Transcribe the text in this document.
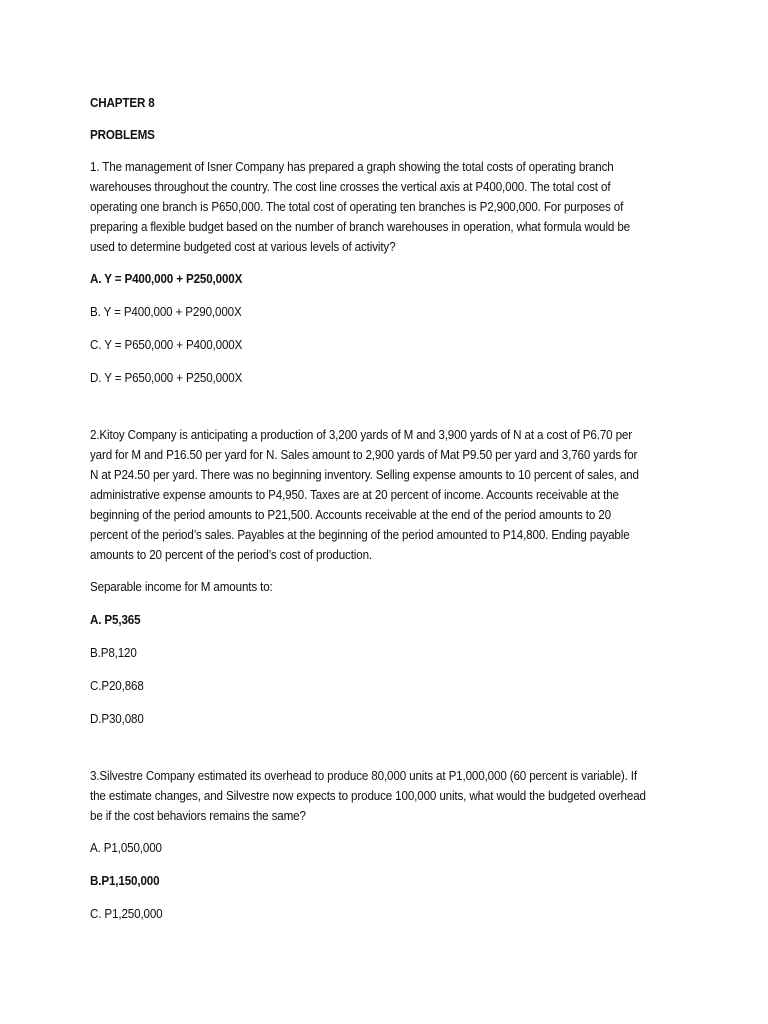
CHAPTER 8

PROBLEMS

1. The management of Isner Company has prepared a graph showing the total costs of operating branch warehouses throughout the country. The cost line crosses the vertical axis at P400,000. The total cost of operating one branch is P650,000. The total cost of operating ten branches is P2,900,000. For purposes of preparing a flexible budget based on the number of branch warehouses in operation, what formula would be used to determine budgeted cost at various levels of activity?

A. Y = P400,000 + P250,000X

B. Y = P400,000 + P290,000X

C. Y = P650,000 + P400,000X

D. Y = P650,000 + P250,000X

2.Kitoy Company is anticipating a production of 3,200 yards of M and 3,900 yards of N at a cost of P6.70 per yard for M and P16.50 per yard for N. Sales amount to 2,900 yards of Mat P9.50 per yard and 3,760 yards for N at P24.50 per yard. There was no beginning inventory. Selling expense amounts to 10 percent of sales, and administrative expense amounts to P4,950. Taxes are at 20 percent of income. Accounts receivable at the beginning of the period amounts to P21,500. Accounts receivable at the end of the period amounts to 20 percent of the period’s sales. Payables at the beginning of the period amounted to P14,800. Ending payable amounts to 20 percent of the period’s cost of production.

Separable income for M amounts to:

A. P5,365

B.P8,120

C.P20,868

D.P30,080

3.Silvestre Company estimated its overhead to produce 80,000 units at P1,000,000 (60 percent is variable). If the estimate changes, and Silvestre now expects to produce 100,000 units, what would the budgeted overhead be if the cost behaviors remains the same?

A. P1,050,000

B.P1,150,000

C. P1,250,000
